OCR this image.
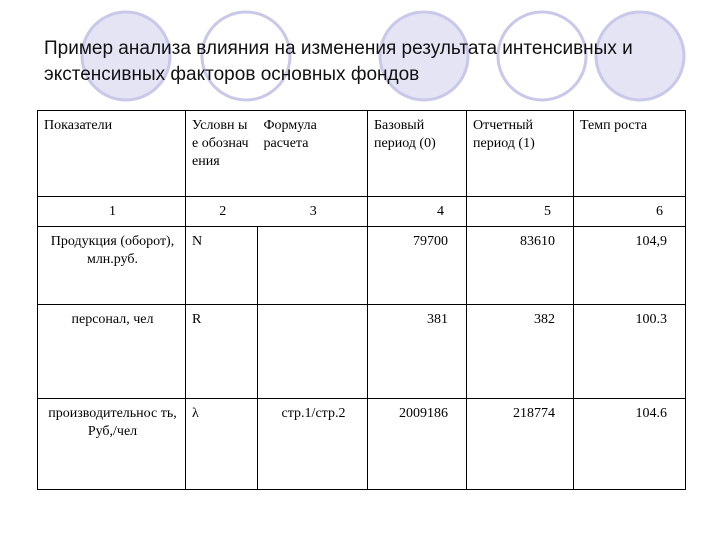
Пример анализа влияния на изменения результата интенсивных и экстенсивных факторов основных фондов
Показатели	Условн ые обознач ения	Формула расчета	Базовый период (0)	Отчетный период (1)	Темп роста
1	2	3	4	5	6
Продукция (оборот), млн.руб.	N		79700	83610	104,9
персонал, чел	R		381	382	100.3
производительнос ть, Руб,/чел	λ	стр.1/стр.2	2009186	218774	104.6
